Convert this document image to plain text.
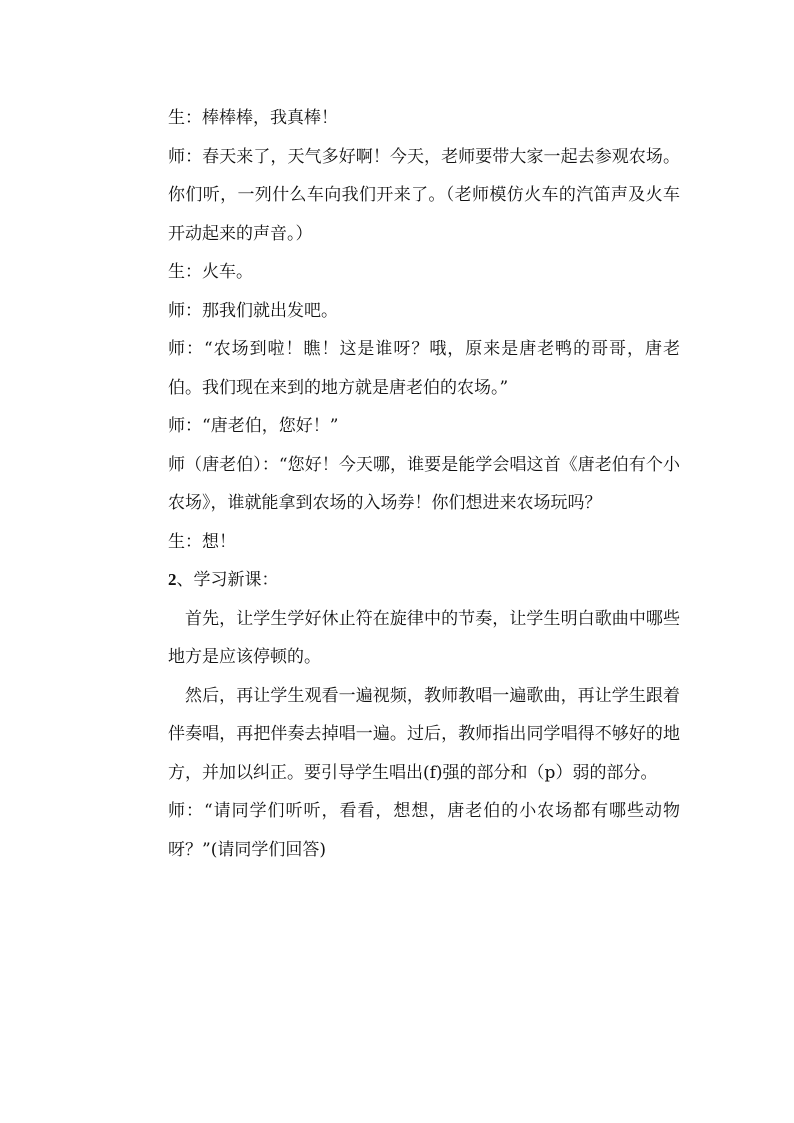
生：棒棒棒，我真棒！

师：春天来了，天气多好啊！今天，老师要带大家一起去参观农场。你们听，一列什么车向我们开来了。（老师模仿火车的汽笛声及火车开动起来的声音。）

生：火车。

师：那我们就出发吧。

师：“农场到啦！瞧！这是谁呀？哦，原来是唐老鸭的哥哥，唐老伯。我们现在来到的地方就是唐老伯的农场。”

师：“唐老伯，您好！”

师（唐老伯）：“您好！今天哪，谁要是能学会唱这首《唐老伯有个小农场》，谁就能拿到农场的入场券！你们想进来农场玩吗？

生：想！

2、学习新课：

首先，让学生学好休止符在旋律中的节奏，让学生明白歌曲中哪些地方是应该停顿的。

然后，再让学生观看一遍视频，教师教唱一遍歌曲，再让学生跟着伴奏唱，再把伴奏去掉唱一遍。过后，教师指出同学唱得不够好的地方，并加以纠正。要引导学生唱出(f)强的部分和（p）弱的部分。

师：“请同学们听听，看看，想想，唐老伯的小农场都有哪些动物呀？”(请同学们回答)
